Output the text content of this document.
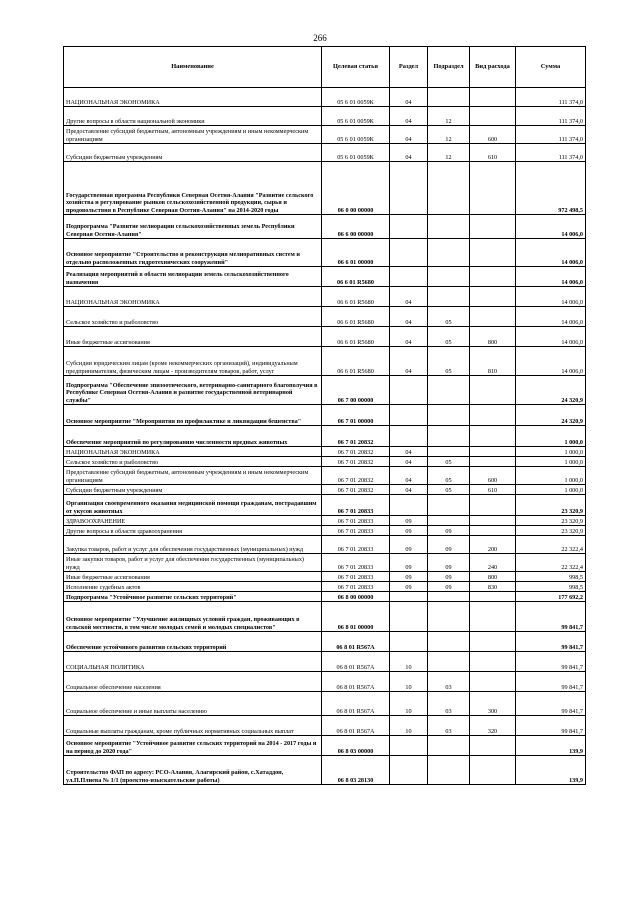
266
Наименование	Целевая статья	Раздел	Подраздел	Вид расхода	Сумма
НАЦИОНАЛЬНАЯ ЭКОНОМИКА	05 6 01 0059К	04			111 374,0
Другие вопросы в области национальной экономики	05 6 01 0059К	04	12		111 374,0
Предоставление субсидий бюджетным, автономным учреждениям и иным некоммерческим организациям	05 6 01 0059К	04	12	600	111 374,0
Субсидии бюджетным учреждениям	05 6 01 0059К	04	12	610	111 374,0
Государственная программа Республики Северная Осетия-Алания "Развитие сельского хозяйства и регулирование рынков сельскохозяйственной продукции, сырья и продовольствия в Республике Северная Осетия-Алания" на 2014-2020 годы	06 0 00 00000				972 498,5
Подпрограмма "Развитие мелиорации сельскохозяйственных земель Республики Северная Осетия-Алания"	06 6 00 00000				14 006,0
Основное мероприятие "Строительство и реконструкция мелиоративных систем и отдельно расположенных гидротехнических сооружений"	06 6 01 00000				14 006,0
Реализация мероприятий в области мелиорации земель сельскохозяйственного назначения	06 6 01 R5680				14 006,0
НАЦИОНАЛЬНАЯ ЭКОНОМИКА	06 6 01 R5680	04			14 006,0
Сельское хозяйство и рыболовство	06 6 01 R5680	04	05		14 006,0
Иные бюджетные ассигнования	06 6 01 R5680	04	05	800	14 006,0
Субсидии юридическим лицам (кроме некоммерческих организаций), индивидуальным предпринимателям, физическим лицам - производителям товаров, работ, услуг	06 6 01 R5680	04	05	810	14 006,0
Подпрограмма "Обеспечение эпизоотического, ветеринарно-санитарного благополучия в Республике Северная Осетия-Алания и развитие государственной ветеринарной службы"	06 7 00 00000				24 320,9
Основное мероприятие "Мероприятия по профилактике и ликвидации бешенства"	06 7 01 00000				24 320,9
Обеспечение мероприятий по регулированию численности вредных животных	06 7 01 20832				1 000,0
НАЦИОНАЛЬНАЯ ЭКОНОМИКА	06 7 01 20832	04			1 000,0
Сельское хозяйство и рыболовство	06 7 01 20832	04	05		1 000,0
Предоставление субсидий бюджетным, автономным учреждениям и иным некоммерческим организациям	06 7 01 20832	04	05	600	1 000,0
Субсидии бюджетным учреждениям	06 7 01 20832	04	05	610	1 000,0
Организация своевременного оказания медицинской помощи гражданам, пострадавшим от укусов животных	06 7 01 20833				23 320,9
ЗДРАВООХРАНЕНИЕ	06 7 01 20833	09			23 320,9
Другие вопросы в области здравоохранения	06 7 01 20833	09	09		23 320,9
Закупка товаров, работ и услуг для обеспечения государственных (муниципальных) нужд	06 7 01 20833	09	09	200	22 322,4
Иные закупки товаров, работ и услуг для обеспечения государственных (муниципальных) нужд	06 7 01 20833	09	09	240	22 322,4
Иные бюджетные ассигнования	06 7 01 20833	09	09	800	998,5
Исполнение судебных актов	06 7 01 20833	09	09	830	998,5
Подпрограмма "Устойчивое развитие сельских территорий"	06 8 00 00000				177 692,2
Основное мероприятие "Улучшение жилищных условий граждан, проживающих в сельской местности, в том числе молодых семей и молодых специалистов"	06 8 01 00000				99 841,7
Обеспечение устойчивого развития сельских территорий	06 8 01 R567A				99 841,7
СОЦИАЛЬНАЯ ПОЛИТИКА	06 8 01 R567A	10			99 841,7
Социальное обеспечение населения	06 8 01 R567A	10	03		99 841,7
Социальное обеспечение и иные выплаты населению	06 8 01 R567A	10	03	300	99 841,7
Социальные выплаты гражданам, кроме публичных нормативных социальных выплат	06 8 01 R567A	10	03	320	99 841,7
Основное мероприятие "Устойчивое развитие сельских территорий на 2014 - 2017 годы и на период до 2020 года"	06 8 03 00000				139,9
Строительство ФАП по адресу: РСО-Алания, Алагирский район, с.Хатаддон, ул.П.Плиева № 1/1 (проектно-изыскательские работы)	06 8 03 28130				139,9
